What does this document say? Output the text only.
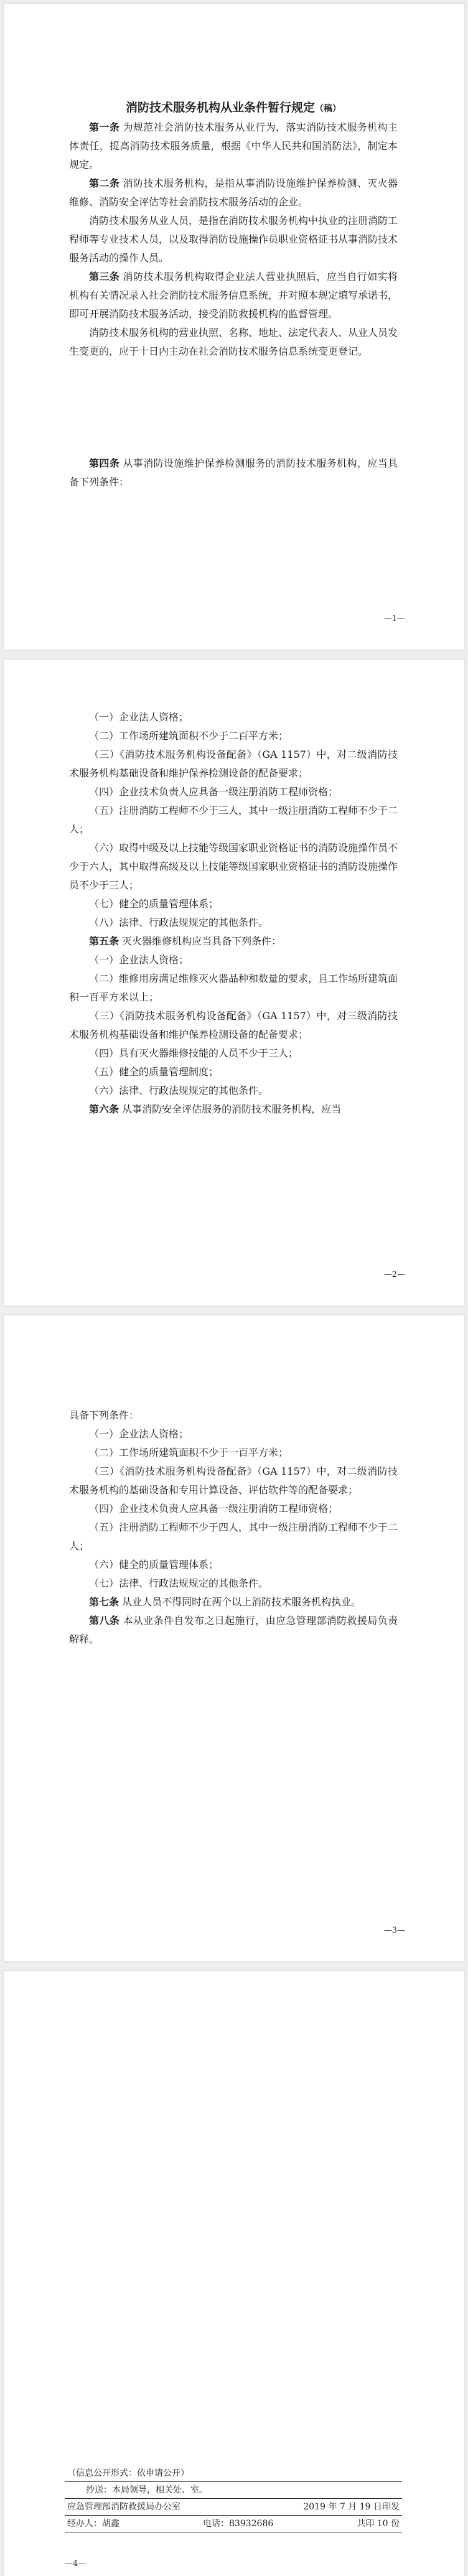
消防技术服务机构从业条件暂行规定（稿）

第一条 为规范社会消防技术服务从业行为，落实消防技术服务机构主体责任，提高消防技术服务质量，根据《中华人民共和国消防法》，制定本规定。

第二条 消防技术服务机构，是指从事消防设施维护保养检测、灭火器维修、消防安全评估等社会消防技术服务活动的企业。

消防技术服务从业人员，是指在消防技术服务机构中执业的注册消防工程师等专业技术人员，以及取得消防设施操作员职业资格证书从事消防技术服务活动的操作人员。

第三条 消防技术服务机构取得企业法人营业执照后，应当自行如实将机构有关情况录入社会消防技术服务信息系统，并对照本规定填写承诺书，即可开展消防技术服务活动，接受消防救援机构的监督管理。

消防技术服务机构的营业执照、名称、地址、法定代表人、从业人员发生变更的，应于十日内主动在社会消防技术服务信息系统变更登记。

第四条 从事消防设施维护保养检测服务的消防技术服务机构，应当具备下列条件：

—1—

（一）企业法人资格；

（二）工作场所建筑面积不少于二百平方米；

（三）《消防技术服务机构设备配备》（GA 1157）中，对二级消防技术服务机构基础设备和维护保养检测设备的配备要求；

（四）企业技术负责人应具备一级注册消防工程师资格；

（五）注册消防工程师不少于三人，其中一级注册消防工程师不少于二人；

（六）取得中级及以上技能等级国家职业资格证书的消防设施操作员不少于六人，其中取得高级及以上技能等级国家职业资格证书的消防设施操作员不少于三人；

（七）健全的质量管理体系；

（八）法律、行政法规规定的其他条件。

第五条 灭火器维修机构应当具备下列条件：

（一）企业法人资格；

（二）维修用房满足维修灭火器品种和数量的要求，且工作场所建筑面积一百平方米以上；

（三）《消防技术服务机构设备配备》（GA 1157）中，对三级消防技术服务机构基础设备和维护保养检测设备的配备要求；

（四）具有灭火器维修技能的人员不少于三人；

（五）健全的质量管理制度；

（六）法律、行政法规规定的其他条件。

第六条 从事消防安全评估服务的消防技术服务机构，应当

—2—

具备下列条件：

（一）企业法人资格；

（二）工作场所建筑面积不少于一百平方米；

（三）《消防技术服务机构设备配备》（GA 1157）中，对二级消防技术服务机构的基础设备和专用计算设备、评估软件等的配备要求；

（四）企业技术负责人应具备一级注册消防工程师资格；

（五）注册消防工程师不少于四人，其中一级注册消防工程师不少于二人；

（六）健全的质量管理体系；

（七）法律、行政法规规定的其他条件。

第七条 从业人员不得同时在两个以上消防技术服务机构执业。

第八条 本从业条件自发布之日起施行，由应急管理部消防救援局负责解释。

—3—
（信息公开形式：依申请公开）
抄送：本局领导，相关处、室。
应急管理部消防救援局办公室	2019 年 7 月 19 日印发
经办人：胡鑫	电话：83932686	共印 10 份
—4—
